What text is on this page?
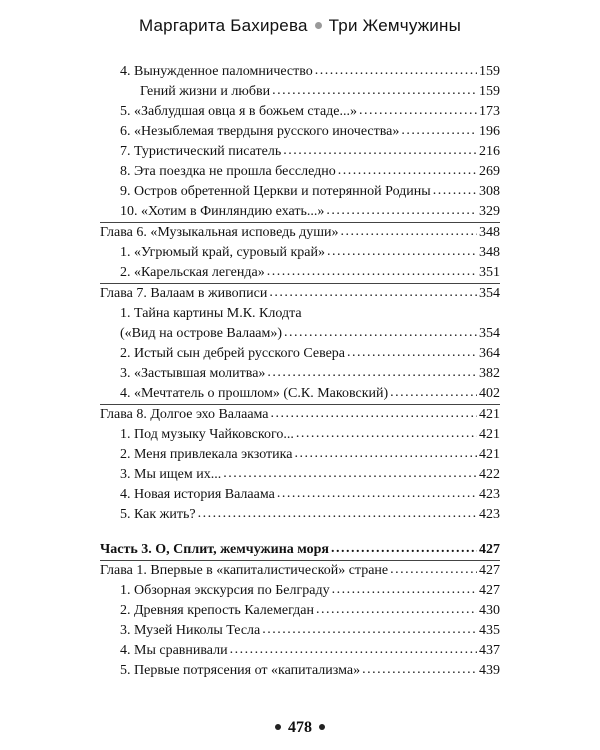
Маргарита Бахирева Три Жемчужины
4. Вынужденное паломничество . . .	159
Гений жизни и любви . . .	159
5. «Заблудшая овца я в божьем стаде...» . . .	173
6. «Незыблемая твердыня русского иночества» . . .	196
7. Туристический писатель . . .	216
8. Эта поездка не прошла бесследно . . .	269
9. Остров обретенной Церкви и потерянной Родины . . .	308
10. «Хотим в Финляндию ехать...» . . .	329
Глава 6. «Музыкальная исповедь души» . . .	348
1. «Угрюмый край, суровый край» . . .	348
2. «Карельская легенда» . . .	351
Глава 7. Валаам в живописи . . .	354
1. Тайна картины М.К. Клодта
(«Вид на острове Валаам») . . .	354
2. Истый сын дебрей русского Севера . . .	364
3. «Застывшая молитва» . . .	382
4. «Мечтатель о прошлом» (С.К. Маковский) . . .	402
Глава 8. Долгое эхо Валаама . . .	421
1. Под музыку Чайковского... . . .	421
2. Меня привлекала экзотика . . .	421
3. Мы ищем их... . . .	422
4. Новая история Валаама . . .	423
5. Как жить? . . .	423
Часть 3. О, Сплит, жемчужина моря . . .	427
Глава 1. Впервые в «капиталистической» стране . . .	427
1. Обзорная экскурсия по Белграду . . .	427
2. Древняя крепость Калемегдан . . .	430
3. Музей Николы Тесла . . .	435
4. Мы сравнивали . . .	437
5. Первые потрясения от «капитализма» . . .	439
478
